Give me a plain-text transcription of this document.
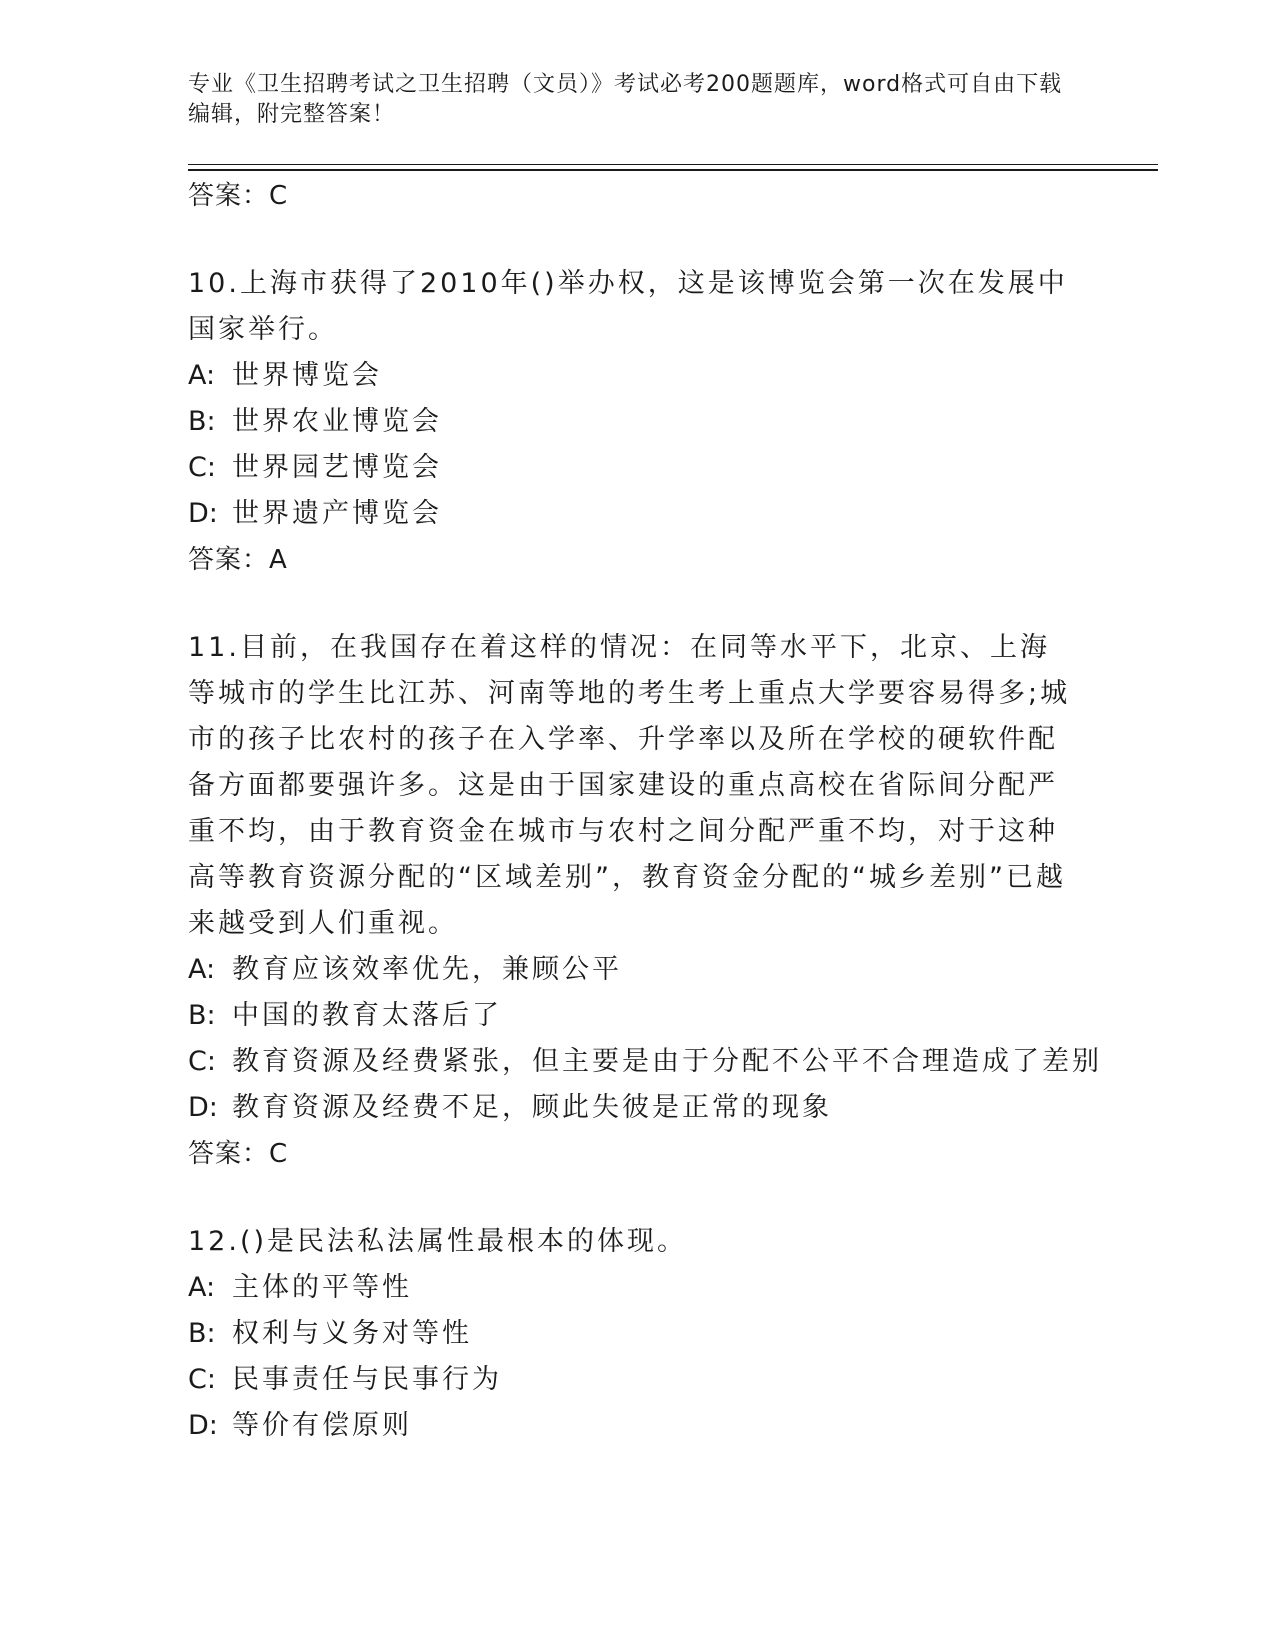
专业《卫生招聘考试之卫生招聘（文员）》考试必考200题题库，word格式可自由下载编辑，附完整答案！

答案：C

10.上海市获得了2010年()举办权，这是该博览会第一次在发展中国家举行。

A: 世界博览会

B: 世界农业博览会

C: 世界园艺博览会

D: 世界遗产博览会

答案：A

11.目前，在我国存在着这样的情况：在同等水平下，北京、上海等城市的学生比江苏、河南等地的考生考上重点大学要容易得多;城市的孩子比农村的孩子在入学率、升学率以及所在学校的硬软件配备方面都要强许多。这是由于国家建设的重点高校在省际间分配严重不均，由于教育资金在城市与农村之间分配严重不均，对于这种高等教育资源分配的“区域差别”，教育资金分配的“城乡差别”已越来越受到人们重视。

A: 教育应该效率优先，兼顾公平

B: 中国的教育太落后了

C: 教育资源及经费紧张，但主要是由于分配不公平不合理造成了差别

D: 教育资源及经费不足，顾此失彼是正常的现象

答案：C

12.()是民法私法属性最根本的体现。

A: 主体的平等性

B: 权利与义务对等性

C: 民事责任与民事行为

D: 等价有偿原则
